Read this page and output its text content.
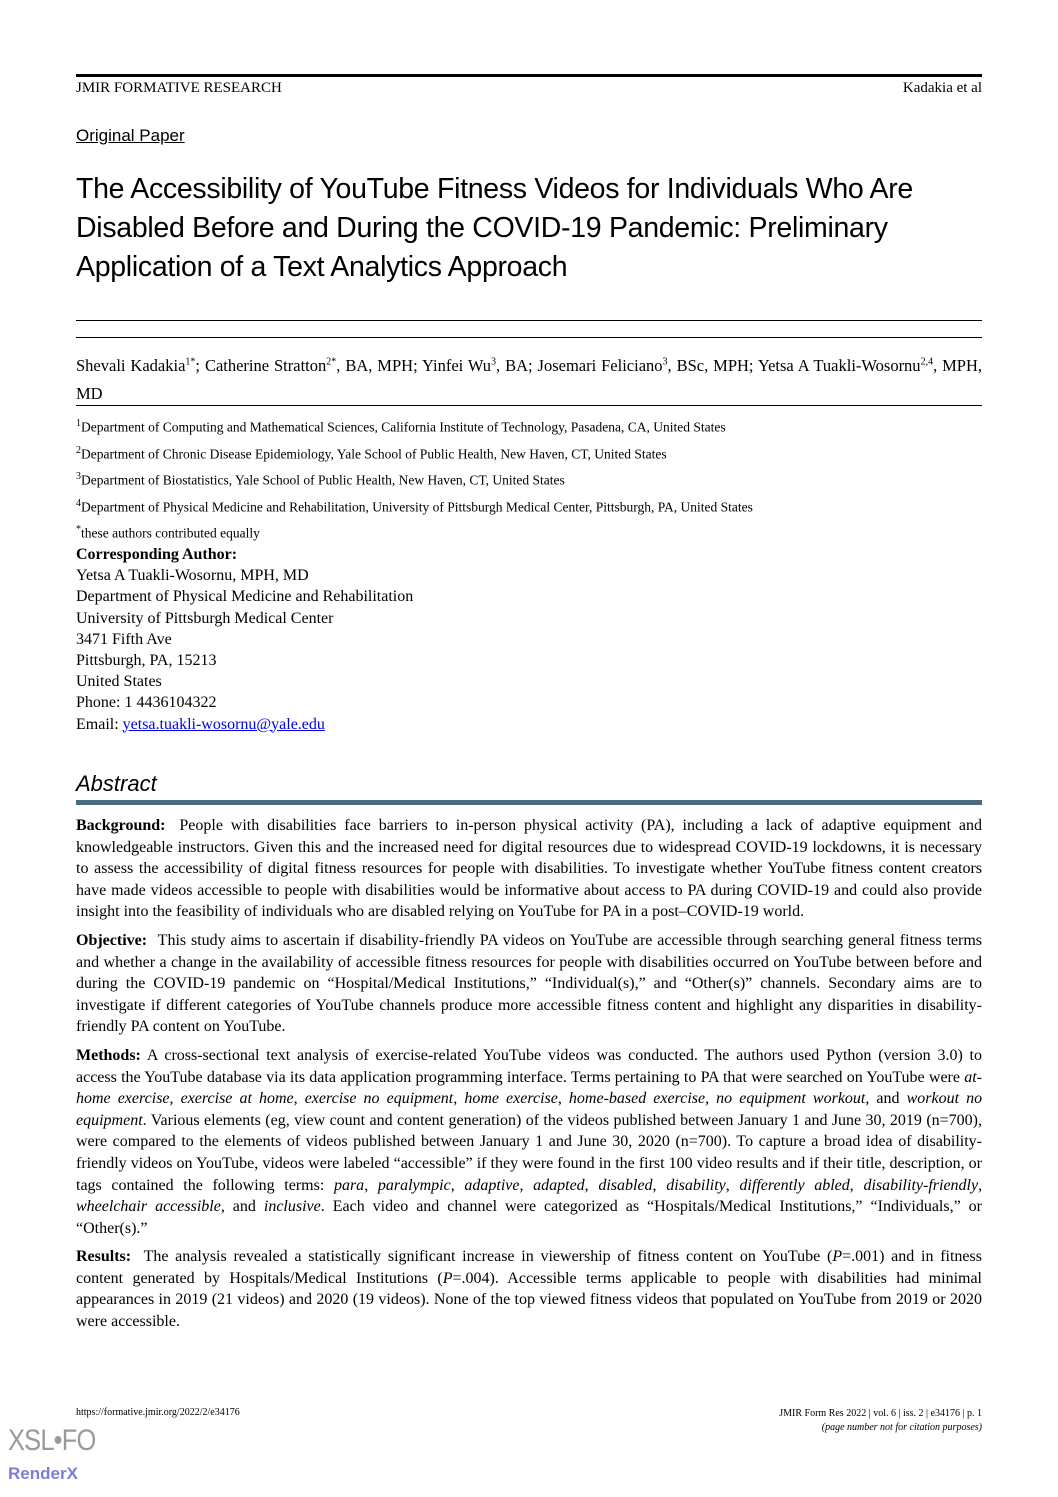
JMIR FORMATIVE RESEARCH	Kadakia et al
Original Paper
The Accessibility of YouTube Fitness Videos for Individuals Who Are Disabled Before and During the COVID-19 Pandemic: Preliminary Application of a Text Analytics Approach
Shevali Kadakia$^{1*}$; Catherine Stratton$^{2*}$, BA, MPH; Yinfei Wu$^3$, BA; Josemari Feliciano$^3$, BSc, MPH; Yetsa A Tuakli-Wosornu$^{2,4}$, MPH, MD
$^1$Department of Computing and Mathematical Sciences, California Institute of Technology, Pasadena, CA, United States
$^2$Department of Chronic Disease Epidemiology, Yale School of Public Health, New Haven, CT, United States
$^3$Department of Biostatistics, Yale School of Public Health, New Haven, CT, United States
$^4$Department of Physical Medicine and Rehabilitation, University of Pittsburgh Medical Center, Pittsburgh, PA, United States
*these authors contributed equally
Corresponding Author:
Yetsa A Tuakli-Wosornu, MPH, MD
Department of Physical Medicine and Rehabilitation
University of Pittsburgh Medical Center
3471 Fifth Ave
Pittsburgh, PA, 15213
United States
Phone: 1 4436104322
Email: yetsa.tuakli-wosornu@yale.edu
Abstract

Background: People with disabilities face barriers to in-person physical activity (PA), including a lack of adaptive equipment and knowledgeable instructors. Given this and the increased need for digital resources due to widespread COVID-19 lockdowns, it is necessary to assess the accessibility of digital fitness resources for people with disabilities. To investigate whether YouTube fitness content creators have made videos accessible to people with disabilities would be informative about access to PA during COVID-19 and could also provide insight into the feasibility of individuals who are disabled relying on YouTube for PA in a post–COVID-19 world.

Objective: This study aims to ascertain if disability-friendly PA videos on YouTube are accessible through searching general fitness terms and whether a change in the availability of accessible fitness resources for people with disabilities occurred on YouTube between before and during the COVID-19 pandemic on “Hospital/Medical Institutions,” “Individual(s),” and “Other(s)” channels. Secondary aims are to investigate if different categories of YouTube channels produce more accessible fitness content and highlight any disparities in disability-friendly PA content on YouTube.

Methods: A cross-sectional text analysis of exercise-related YouTube videos was conducted. The authors used Python (version 3.0) to access the YouTube database via its data application programming interface. Terms pertaining to PA that were searched on YouTube were at-home exercise, exercise at home, exercise no equipment, home exercise, home-based exercise, no equipment workout, and workout no equipment. Various elements (eg, view count and content generation) of the videos published between January 1 and June 30, 2019 (n=700), were compared to the elements of videos published between January 1 and June 30, 2020 (n=700). To capture a broad idea of disability-friendly videos on YouTube, videos were labeled “accessible” if they were found in the first 100 video results and if their title, description, or tags contained the following terms: para, paralympic, adaptive, adapted, disabled, disability, differently abled, disability-friendly, wheelchair accessible, and inclusive. Each video and channel were categorized as “Hospitals/Medical Institutions,” “Individuals,” or “Other(s).”

Results: The analysis revealed a statistically significant increase in viewership of fitness content on YouTube (P=.001) and in fitness content generated by Hospitals/Medical Institutions (P=.004). Accessible terms applicable to people with disabilities had minimal appearances in 2019 (21 videos) and 2020 (19 videos). None of the top viewed fitness videos that populated on YouTube from 2019 or 2020 were accessible.

https://formative.jmir.org/2022/2/e34176	JMIR Form Res 2022 | vol. 6 | iss. 2 | e34176 | p. 1
(page number not for citation purposes)
XSL•FO
RenderX
